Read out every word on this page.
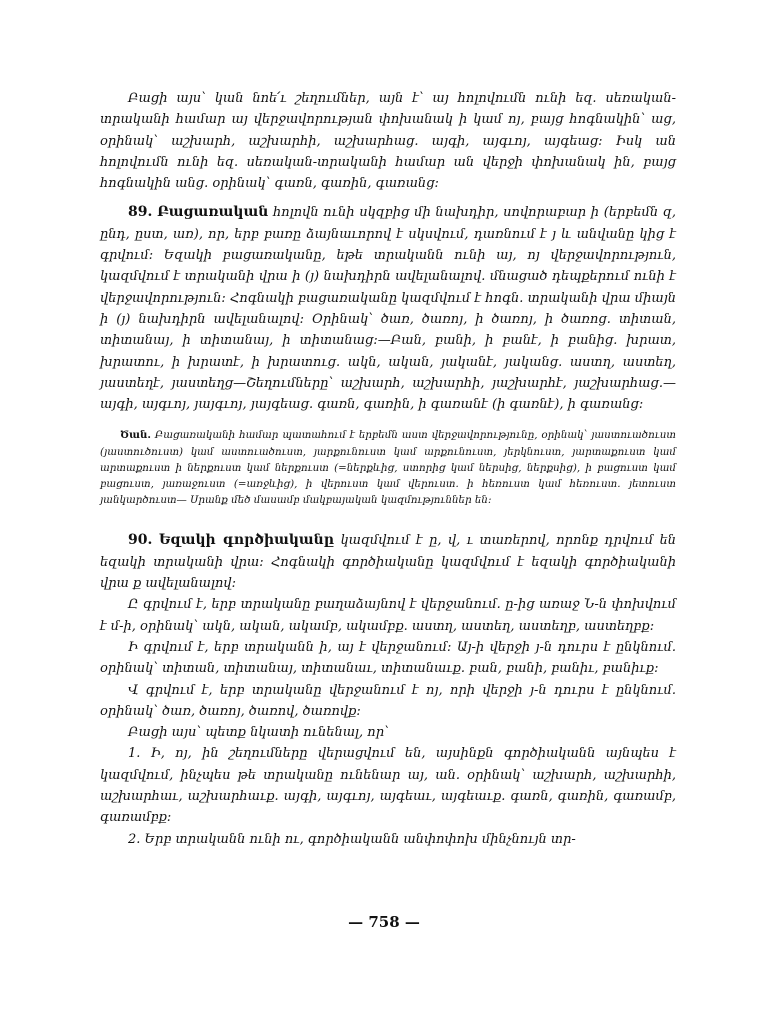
Բացի այս՝ կան նոե՛ւ շեղումներ, այն է՝ այ հոլովումն ունի եզ. սեռական-տրականի համար այ վերջավորության փոխանակ ի կամ ոյ, բայց հոգնակին՝ աց, օրինակ՝ աշխարհ, աշխարհի, աշխարհաց. այգի, այգւոյ, այգեաց։ Իսկ ան հոլովումն ունի եզ. սեռական-տրականի համար ան վերջի փոխանակ ին, բայց հոգնակին անց. օրինակ՝ գառն, գառին, գառանց։

89. Բացառական հոլովն ունի սկզբից մի նախդիր, սովորաբար ի (երբեմն զ, ընդ, ըստ, առ), որ, երբ բառը ձայնաւորով է սկսվում, դառնում է յ և անվանը կից է գրվում։ Եզակի բացառականը, եթե տրականն ունի այ, ոյ վերջավորություն, կազմվում է տրականի վրա ի (յ) նախդիրն ավելանալով. մնացած դեպքերում ունի է վերջավորություն։ Հոգնակի բացառականը կազմվում է հոգն. տրականի վրա միայն ի (յ) նախդիրն ավելանալով։ Օրինակ՝ ծառ, ծառոյ, ի ծառոյ, ի ծառոց. տիտան, տիտանայ, ի տիտանայ, ի տիտանաց։—Բան, բանի, ի բանէ, ի բանից. խրատ, խրատու, ի խրատէ, ի խրատուց. ակն, ական, յականէ, յականց. աստղ, աստեղ, յաստեղէ, յաստեղց—Շեղումները՝ աշխարհ, աշխարհի, յաշխարհէ, յաշխարհաց.— այգի, այգւոյ, յայգւոյ, յայգեաց. գառն, գառին, ի գառանէ (ի գառնէ), ի գառանց։

Ծան. Բացառականի համար պատահում է երբեմն աստ վերջավորությունը, օրինակ՝ յաստուածուստ (յաստուծուստ) կամ աստուածուստ, յարքունուստ կամ արքունուստ, յերկնուստ, յարտաքուստ կամ արտաքուստ ի ներքուստ կամ ներքուստ (=ներքևից, ստորից կամ ներսից, ներքսից), ի բացուստ կամ բացուստ, յառաջուստ (=առջևից), ի վերուստ կամ վերուստ. ի հեռուստ կամ հեռուստ. յետուստ յանկարծուստ— Սրանք մեծ մասամբ մակբայական կազմություններ են։

90. Եզակի գործիականը կազմվում է ը, վ, ւ տառերով, որոնք դրվում են եզակի տրականի վրա։ Հոգնակի գործիականը կազմվում է եզակի գործիականի վրա ք ավելանալով։

Ը գրվում է, երբ տրականը բաղաձայնով է վերջանում. ը-ից առաջ Ն-ն փոխվում է մ-ի, օրինակ՝ ակն, ական, ակամբ, ակամբք. աստղ, աստեղ, աստեղբ, աստեղբք։

Ի գրվում է, երբ տրականն ի, այ է վերջանում։ Այ-ի վերջի յ-ն դուրս է ընկնում. օրինակ՝ տիտան, տիտանայ, տիտանաւ, տիտանաւք. բան, բանի, բանիւ, բանիւք։

Վ գրվում է, երբ տրականը վերջանում է ոյ, որի վերջի յ-ն դուրս է ընկնում. օրինակ՝ ծառ, ծառոյ, ծառով, ծառովք։

Բացի այս՝ պետք նկատի ունենալ, որ՝

1. Ի, ոյ, ին շեղումները վերացվում են, այսինքն գործիականն այնպես է կազմվում, ինչպես թե տրականը ունենար այ, ան. օրինակ՝ աշխարհ, աշխարհի, աշխարհաւ, աշխարհաւք. այգի, այգւոյ, այգեաւ, այգեաւք. գառն, գառին, գառամբ, գառամբք։

2. Երբ տրականն ունի ու, գործիականն անփոփոխ մինչնույն տր-

— 758 —
